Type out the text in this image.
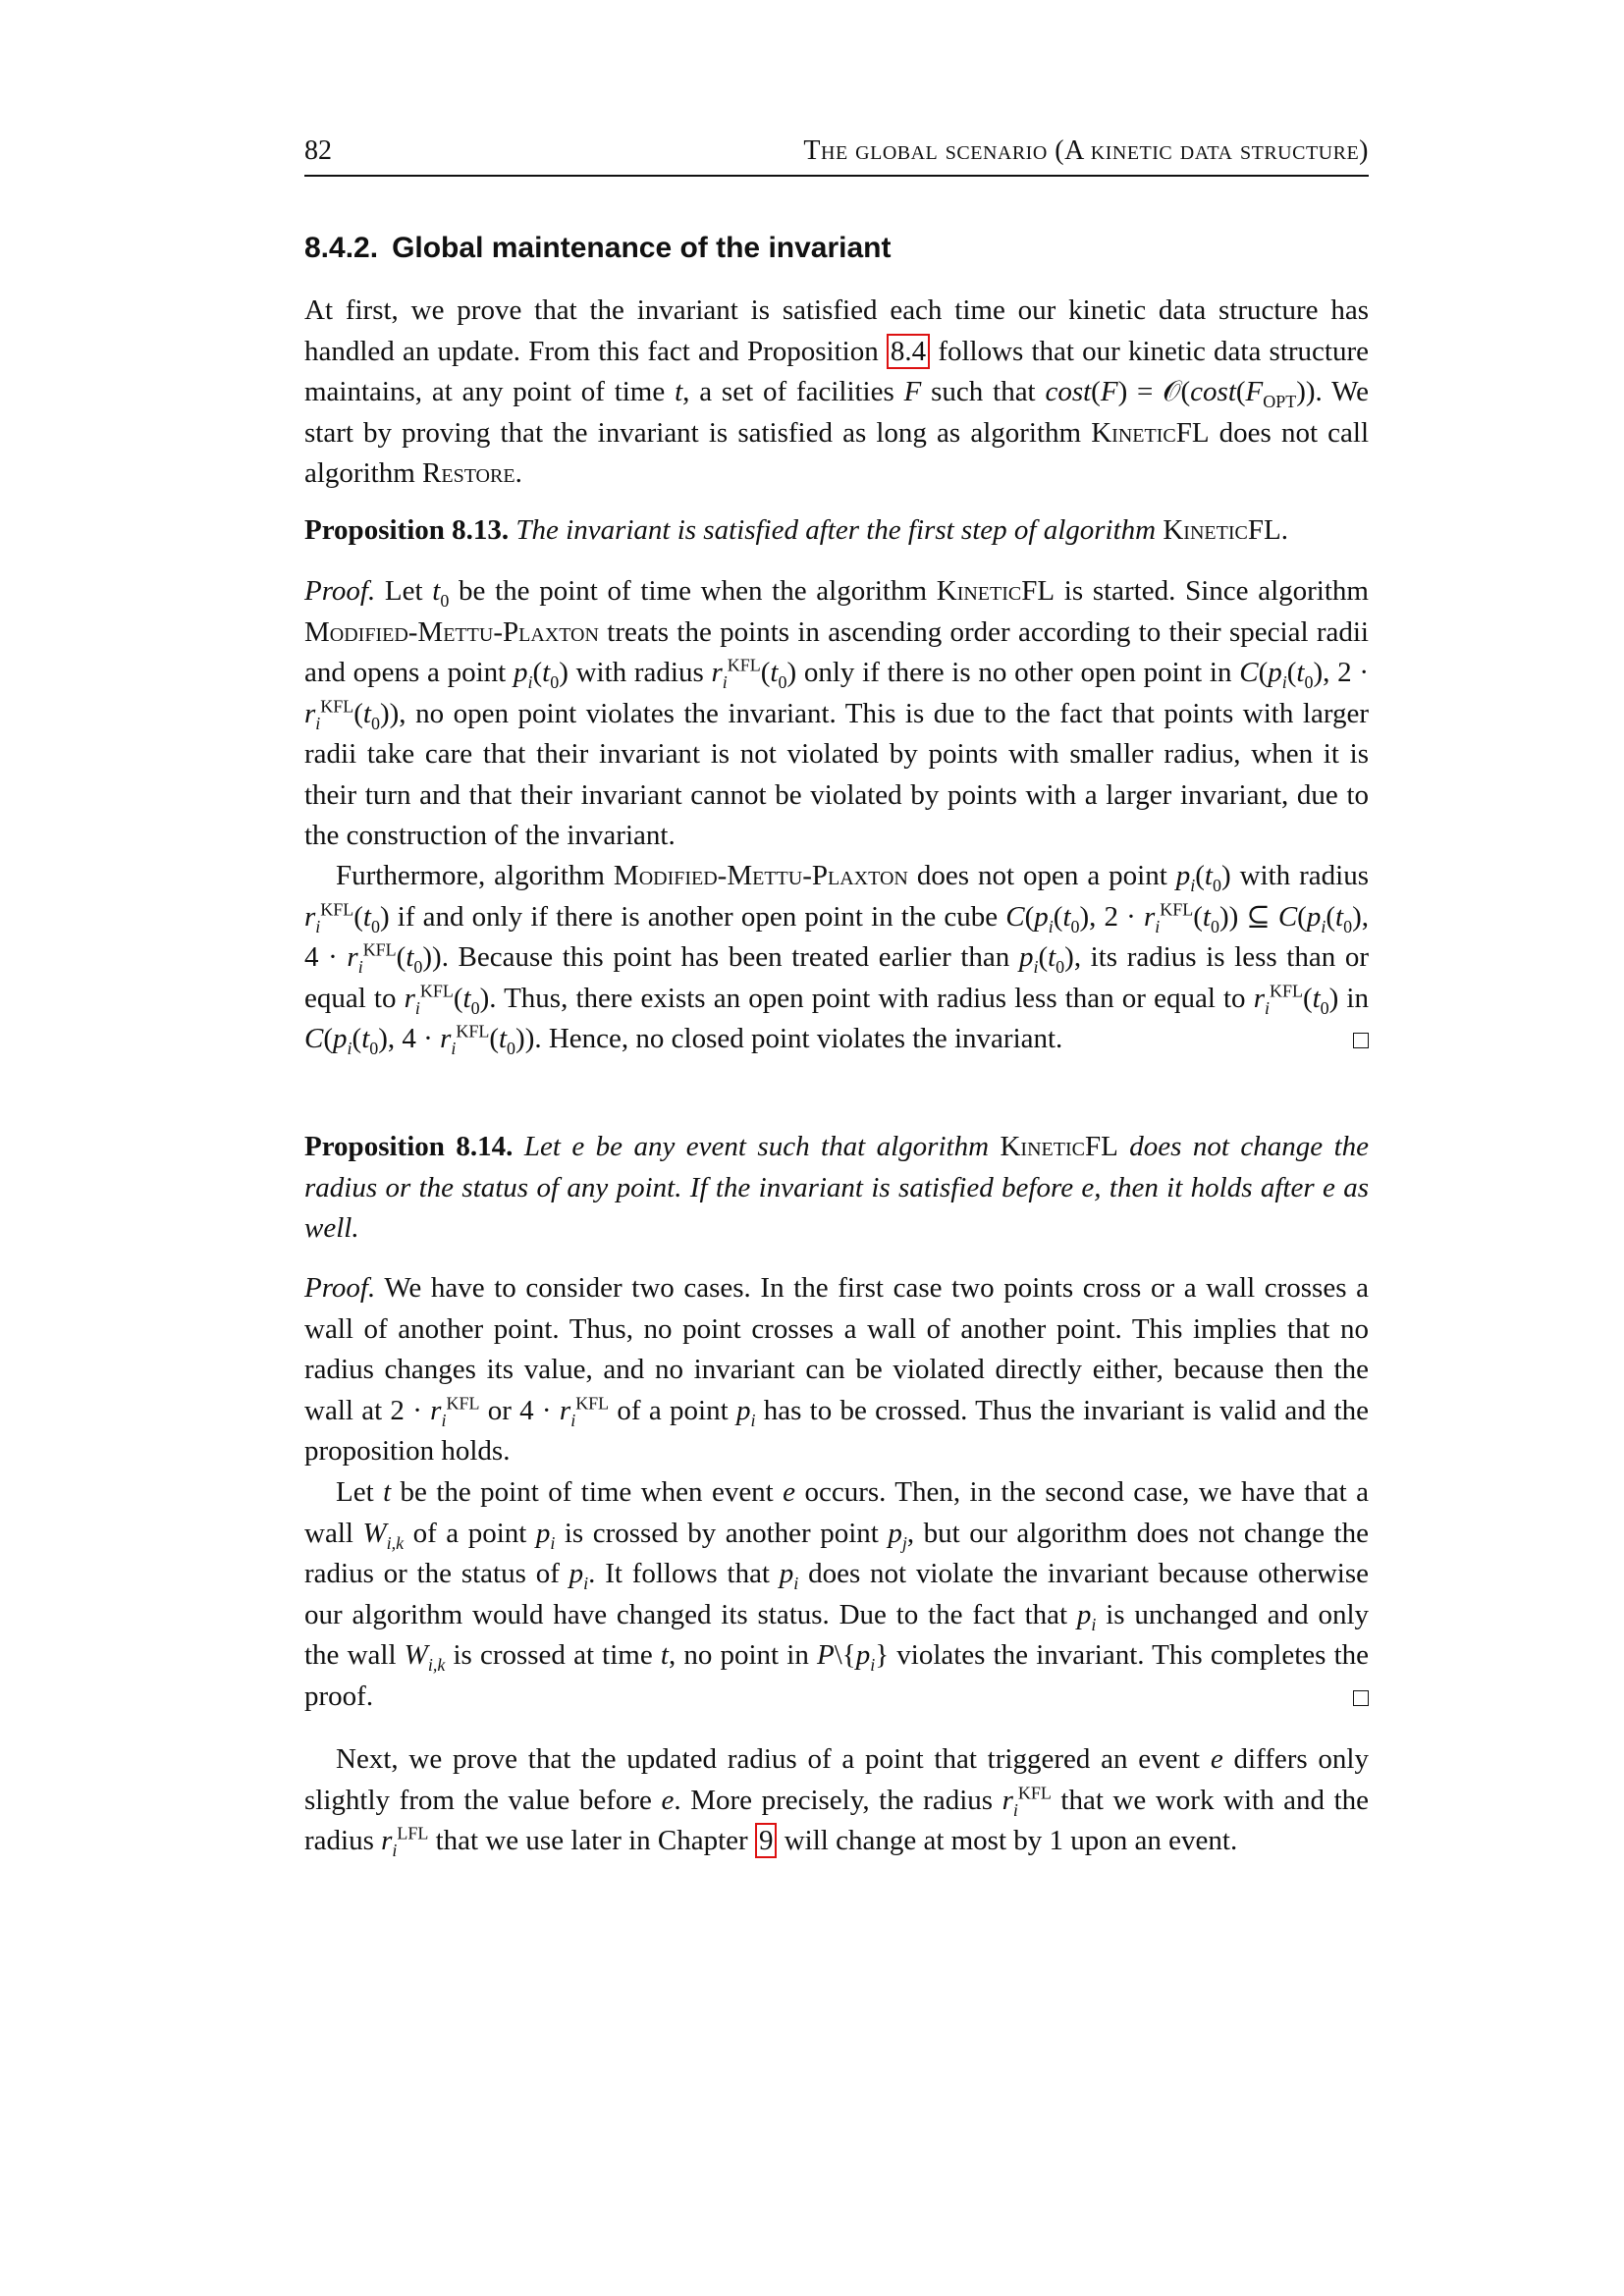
82	The global scenario (A kinetic data structure)
8.4.2. Global maintenance of the invariant

At first, we prove that the invariant is satisfied each time our kinetic data structure has handled an update. From this fact and Proposition 8.4 follows that our kinetic data structure maintains, at any point of time t, a set of facilities F such that $\cos t(F) = 𝒪(\cos t(F_{OPT}))$. We start by proving that the invariant is satisfied as long as algorithm KineticFL does not call algorithm Restore.

Proposition 8.13. The invariant is satisfied after the first step of algorithm KineticFL.

Proof. Let $t_0$ be the point of time when the algorithm KineticFL is started. Since algorithm Modified-Mettu-Plaxton treats the points in ascending order according to their special radii and opens a point $p_i(t_0)$ with radius $r_i^{KFL}(t_0)$ only if there is no other open point in $C(p_i(t_0)$, $2 \cdot r_i^{KFL}(t_0)$), no open point violates the invariant. This is due to the fact that points with larger radii take care that their invariant is not violated by points with smaller radius, when it is their turn and that their invariant cannot be violated by points with a larger invariant, due to the construction of the invariant.

Furthermore, algorithm Modified-Mettu-Plaxton does not open a point $p_i(t_0)$ with radius $r_i^{KFL}(t_0)$ if and only if there is another open point in the cube $C(p_i(t_0)$, $2 \cdot r_i^{KFL}(t_0)$) ⊆ $C(p_i(t_0)$, $4 \cdot r_i^{KFL}(t_0)$). Because this point has been treated earlier than $p_i(t_0)$, its radius is less than or equal to $r_i^{KFL}(t_0)$. Thus, there exists an open point with radius less than or equal to $r_i^{KFL}(t_0)$ in $C(p_i(t_0)$, $4 \cdot r_i^{KFL}(t_0)$). Hence, no closed point violates the invariant.

Proposition 8.14. Let e be any event such that algorithm KineticFL does not change the radius or the status of any point. If the invariant is satisfied before e, then it holds after e as well.

Proof. We have to consider two cases. In the first case two points cross or a wall crosses a wall of another point. Thus, no point crosses a wall of another point. This implies that no radius changes its value, and no invariant can be violated directly either, because then the wall at $2 \cdot r_i^{KFL}$ or $4 \cdot r_i^{KFL}$ of a point $p_i$ has to be crossed. Thus the invariant is valid and the proposition holds.

Let t be the point of time when event e occurs. Then, in the second case, we have that a wall $W_{i,k}$ of a point $p_i$ is crossed by another point $p_j$, but our algorithm does not change the radius or the status of $p_i$. It follows that $p_i$ does not violate the invariant because otherwise our algorithm would have changed its status. Due to the fact that $p_i$ is unchanged and only the wall $W_{i,k}$ is crossed at time t, no point in $P\backslash\{p_i\}$ violates the invariant. This completes the proof.

Next, we prove that the updated radius of a point that triggered an event e differs only slightly from the value before e. More precisely, the radius $r_i^{KFL}$ that we work with and the radius $r_i^{LFL}$ that we use later in Chapter 9 will change at most by 1 upon an event.
